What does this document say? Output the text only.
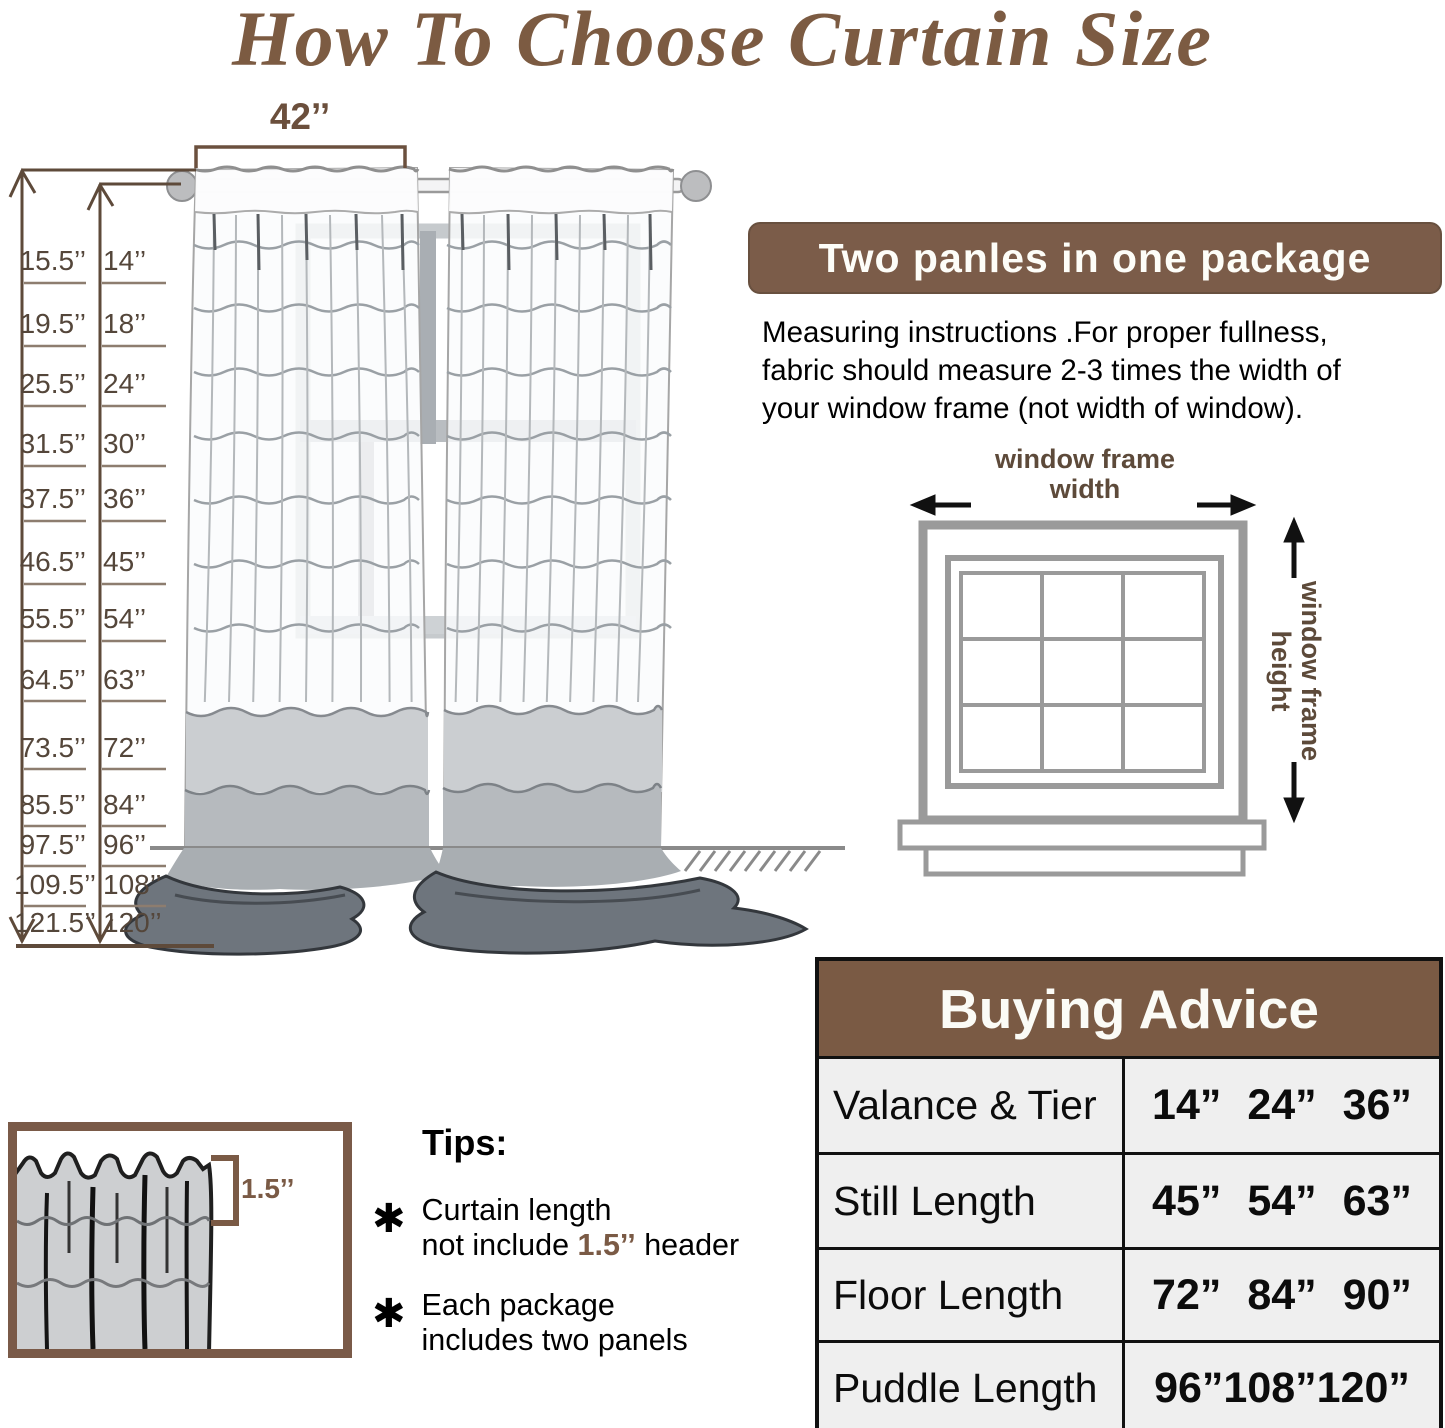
How To Choose Curtain Size
42’’
Two panles in one package
Measuring instructions .For proper fullness,
fabric should measure 2-3 times the width of
your window frame (not width of window).
window frame
width
window frame
height
Buying Advice
Valance & Tier	14” 24” 36”
Still Length	45” 54” 63”
Floor Length	72” 84” 90”
Puddle Length	96”108”120”
Tips:
✱ Curtain length
not include 1.5’’ header
✱ Each package
includes two panels
1.5’’
15.5’’ 14’’
19.5’’ 18’’
25.5’’ 24’’
31.5’’ 30’’
37.5’’ 36’’
46.5’’ 45’’
55.5’’ 54’’
64.5’’ 63’’
73.5’’ 72’’
85.5’’ 84’’
97.5’’ 96’’
109.5’’ 108’’
121.5’’ 120’’
